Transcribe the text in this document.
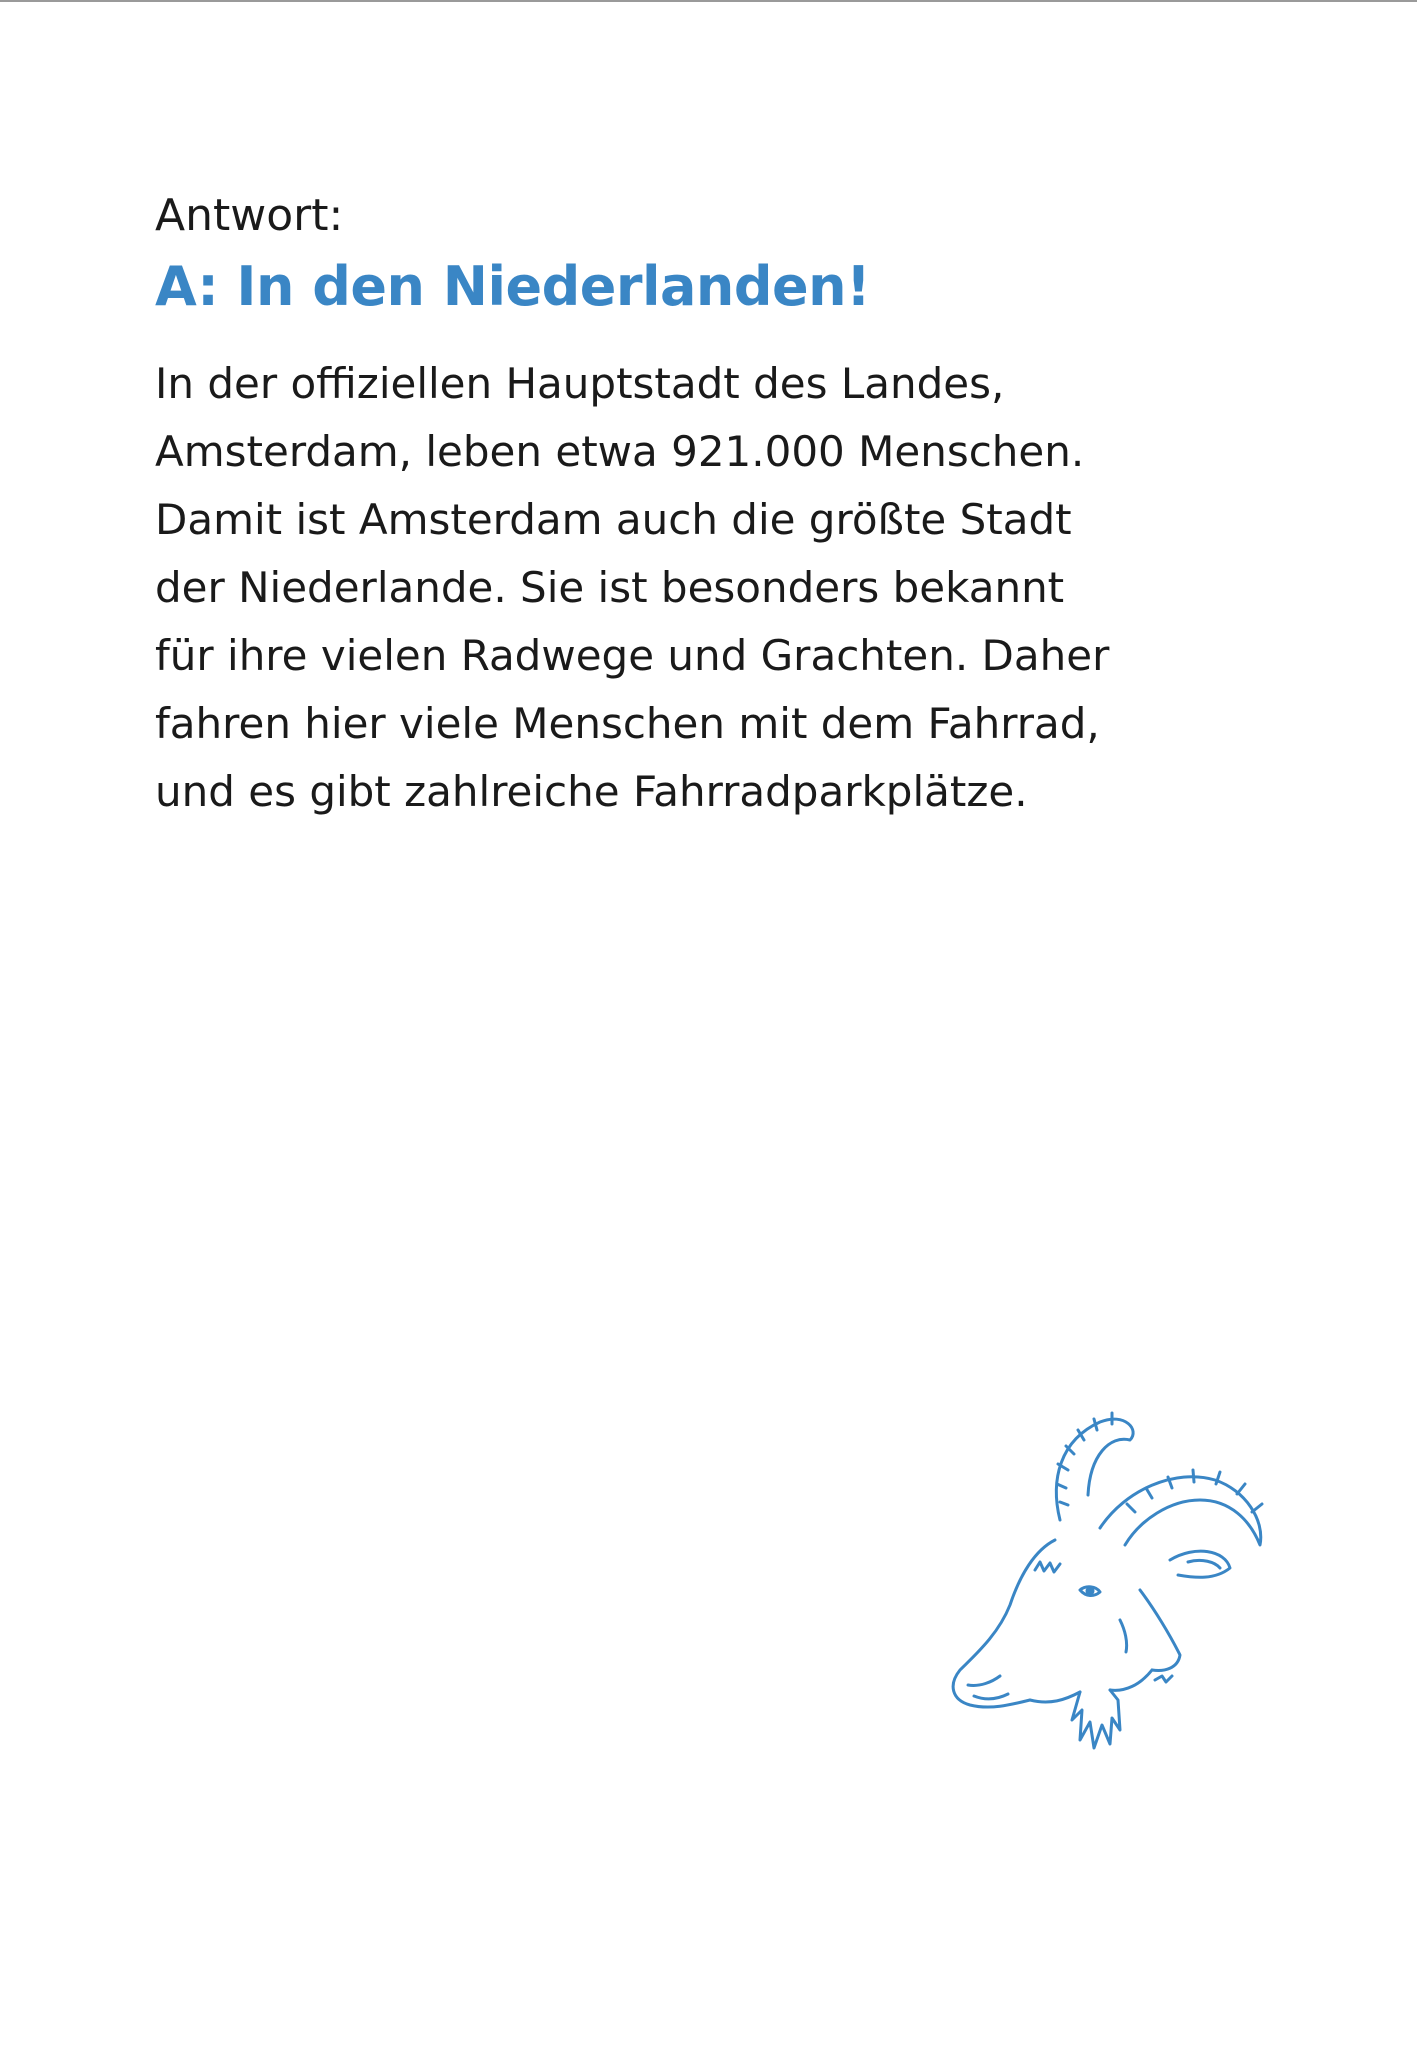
Antwort:

A: In den Niederlanden!
In der offiziellen Hauptstadt des Landes,
Amsterdam, leben etwa 921.000 Menschen.
Damit ist Amsterdam auch die größte Stadt
der Niederlande. Sie ist besonders bekannt
für ihre vielen Radwege und Grachten. Daher
fahren hier viele Menschen mit dem Fahrrad,
und es gibt zahlreiche Fahrradparkplätze.
